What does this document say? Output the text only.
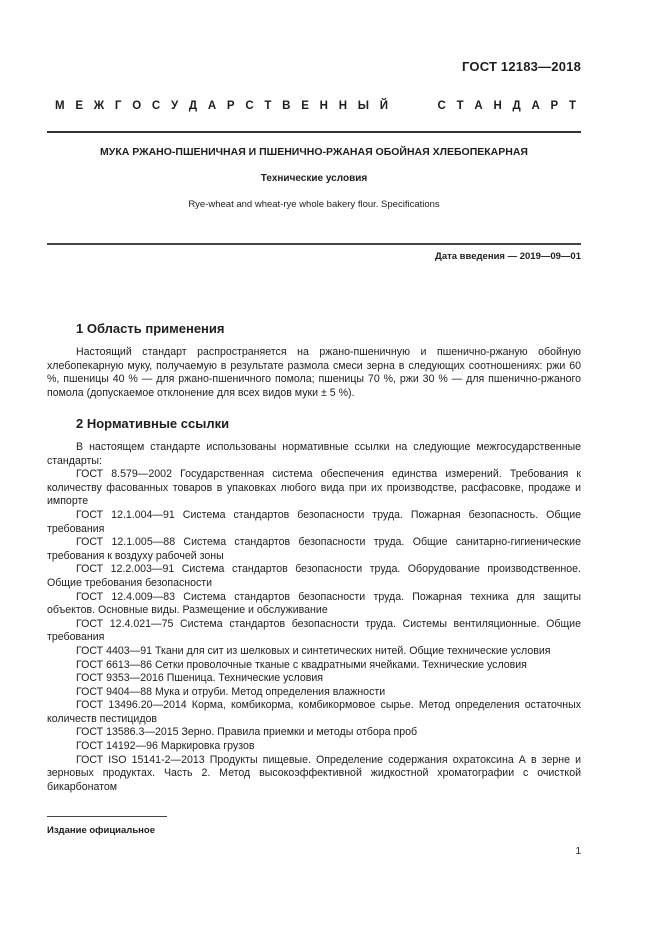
ГОСТ 12183—2018
М Е Ж Г О С У Д А Р С Т В Е Н Н Ы Й	С Т А Н Д А Р Т
МУКА РЖАНО-ПШЕНИЧНАЯ И ПШЕНИЧНО-РЖАНАЯ ОБОЙНАЯ ХЛЕБОПЕКАРНАЯ
Технические условия
Rye-wheat and wheat-rye whole bakery flour. Specifications
Дата введения — 2019—09—01
1 Область применения

Настоящий стандарт распространяется на ржано-пшеничную и пшенично-ржаную обойную хлебопекарную муку, получаемую в результате размола смеси зерна в следующих соотношениях: ржи 60 %, пшеницы 40 % — для ржано-пшеничного помола; пшеницы 70 %, ржи 30 % — для пшенично-ржаного помола (допускаемое отклонение для всех видов муки ± 5 %).

2 Нормативные ссылки

В настоящем стандарте использованы нормативные ссылки на следующие межгосударственные стандарты:

ГОСТ 8.579—2002 Государственная система обеспечения единства измерений. Требования к количеству фасованных товаров в упаковках любого вида при их производстве, расфасовке, продаже и импорте

ГОСТ 12.1.004—91 Система стандартов безопасности труда. Пожарная безопасность. Общие требования

ГОСТ 12.1.005—88 Система стандартов безопасности труда. Общие санитарно-гигиенические требования к воздуху рабочей зоны

ГОСТ 12.2.003—91 Система стандартов безопасности труда. Оборудование производственное. Общие требования безопасности

ГОСТ 12.4.009—83 Система стандартов безопасности труда. Пожарная техника для защиты объектов. Основные виды. Размещение и обслуживание

ГОСТ 12.4.021—75 Система стандартов безопасности труда. Системы вентиляционные. Общие требования

ГОСТ 4403—91 Ткани для сит из шелковых и синтетических нитей. Общие технические условия

ГОСТ 6613—86 Сетки проволочные тканые с квадратными ячейками. Технические условия

ГОСТ 9353—2016 Пшеница. Технические условия

ГОСТ 9404—88 Мука и отруби. Метод определения влажности

ГОСТ 13496.20—2014 Корма, комбикорма, комбикормовое сырье. Метод определения остаточных количеств пестицидов

ГОСТ 13586.3—2015 Зерно. Правила приемки и методы отбора проб

ГОСТ 14192—96 Маркировка грузов

ГОСТ ISO 15141-2—2013 Продукты пищевые. Определение содержания охратоксина А в зерне и зерновых продуктах. Часть 2. Метод высокоэффективной жидкостной хроматографии с очисткой бикарбонатом

Издание официальное
1
